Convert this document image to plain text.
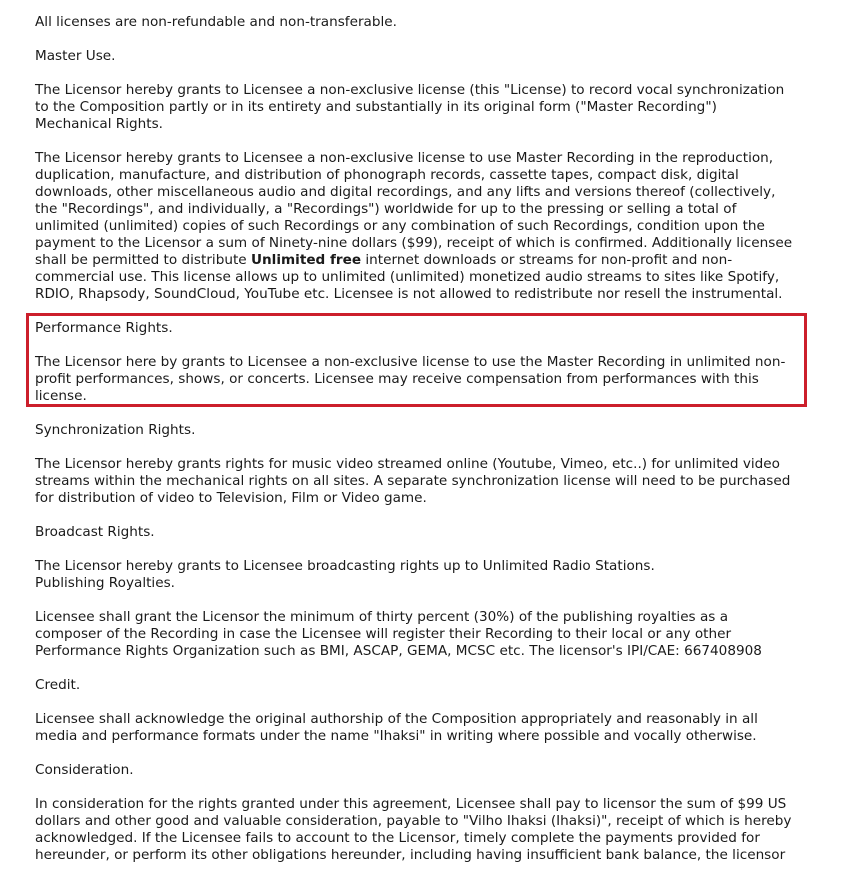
All licenses are non-refundable and non-transferable.

Master Use.

The Licensor hereby grants to Licensee a non-exclusive license (this "License) to record vocal synchronization
to the Composition partly or in its entirety and substantially in its original form ("Master Recording")
Mechanical Rights.

The Licensor hereby grants to Licensee a non-exclusive license to use Master Recording in the reproduction,
duplication, manufacture, and distribution of phonograph records, cassette tapes, compact disk, digital
downloads, other miscellaneous audio and digital recordings, and any lifts and versions thereof (collectively,
the "Recordings", and individually, a "Recordings") worldwide for up to the pressing or selling a total of
unlimited (unlimited) copies of such Recordings or any combination of such Recordings, condition upon the
payment to the Licensor a sum of Ninety-nine dollars ($99), receipt of which is confirmed. Additionally licensee
shall be permitted to distribute Unlimited free internet downloads or streams for non-profit and non-
commercial use. This license allows up to unlimited (unlimited) monetized audio streams to sites like Spotify,
RDIO, Rhapsody, SoundCloud, YouTube etc. Licensee is not allowed to redistribute nor resell the instrumental.

Performance Rights.

The Licensor here by grants to Licensee a non-exclusive license to use the Master Recording in unlimited non-
profit performances, shows, or concerts. Licensee may receive compensation from performances with this
license.

Synchronization Rights.

The Licensor hereby grants rights for music video streamed online (Youtube, Vimeo, etc..) for unlimited video
streams within the mechanical rights on all sites. A separate synchronization license will need to be purchased
for distribution of video to Television, Film or Video game.

Broadcast Rights.

The Licensor hereby grants to Licensee broadcasting rights up to Unlimited Radio Stations.
Publishing Royalties.

Licensee shall grant the Licensor the minimum of thirty percent (30%) of the publishing royalties as a
composer of the Recording in case the Licensee will register their Recording to their local or any other
Performance Rights Organization such as BMI, ASCAP, GEMA, MCSC etc. The licensor's IPI/CAE: 667408908

Credit.

Licensee shall acknowledge the original authorship of the Composition appropriately and reasonably in all
media and performance formats under the name "Ihaksi" in writing where possible and vocally otherwise.

Consideration.

In consideration for the rights granted under this agreement, Licensee shall pay to licensor the sum of $99 US
dollars and other good and valuable consideration, payable to "Vilho Ihaksi (Ihaksi)", receipt of which is hereby
acknowledged. If the Licensee fails to account to the Licensor, timely complete the payments provided for
hereunder, or perform its other obligations hereunder, including having insufficient bank balance, the licensor
